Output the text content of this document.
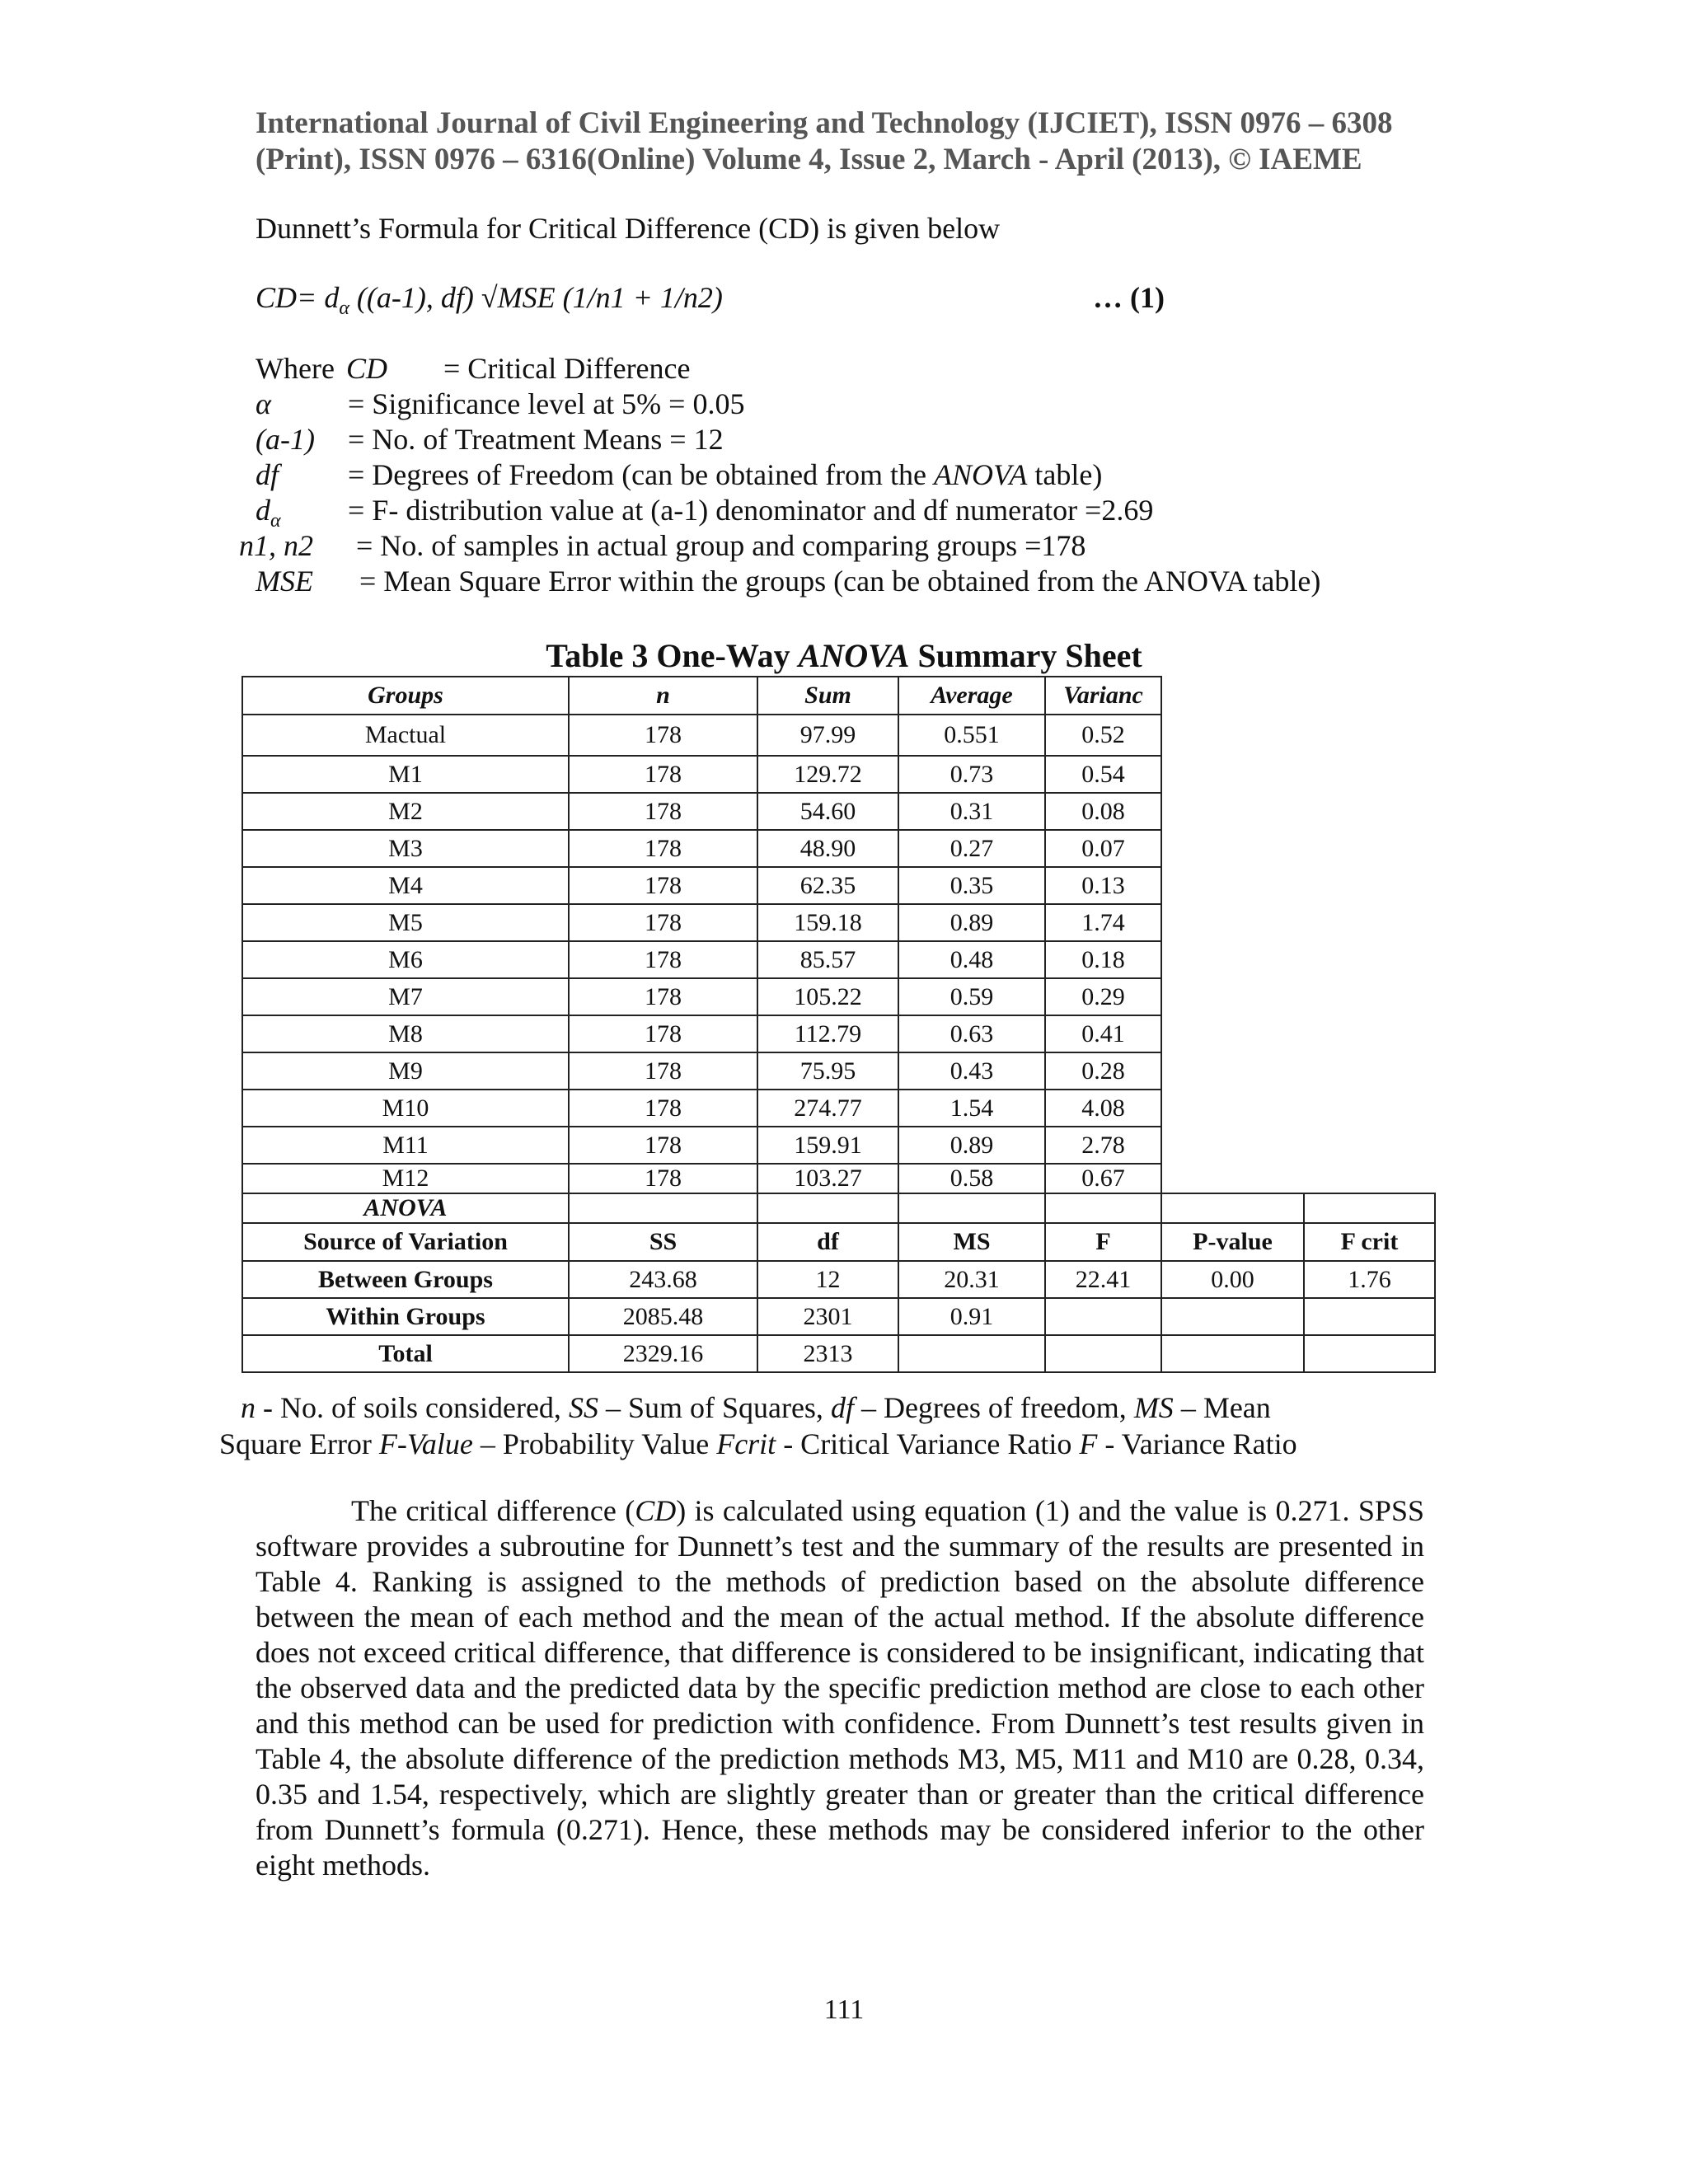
International Journal of Civil Engineering and Technology (IJCIET), ISSN 0976 – 6308
(Print), ISSN 0976 – 6316(Online) Volume 4, Issue 2, March - April (2013), © IAEME
Dunnett’s Formula for Critical Difference (CD) is given below
$CD= d_\alpha$ ((a-1), df) √MSE (1/n1 + 1/n2)	… (1)
Where CD = Critical Difference
α	= Significance level at 5% = 0.05
(a-1) = No. of Treatment Means = 12
df = Degrees of Freedom (can be obtained from the ANOVA table)
$d_\alpha = F-$ distribution value at (a-1) denominator and df numerator =2.69
n1, n2 = No. of samples in actual group and comparing groups =178
MSE = Mean Square Error within the groups (can be obtained from the ANOVA table)
Table 3 One-Way ANOVA Summary Sheet
Groups	n	Sum	Average	Varianc		
Mactual	178	97.99	0.551	0.52		
M1	178	129.72	0.73	0.54		
M2	178	54.60	0.31	0.08		
M3	178	48.90	0.27	0.07		
M4	178	62.35	0.35	0.13		
M5	178	159.18	0.89	1.74		
M6	178	85.57	0.48	0.18		
M7	178	105.22	0.59	0.29		
M8	178	112.79	0.63	0.41		
M9	178	75.95	0.43	0.28		
M10	178	274.77	1.54	4.08		
M11	178	159.91	0.89	2.78		
M12	178	103.27	0.58	0.67		
ANOVA						
Source of Variation	SS	df	MS	F	P-value	F crit
Between Groups	243.68	12	20.31	22.41	0.00	1.76
Within Groups	2085.48	2301	0.91			
Total	2329.16	2313				
n - No. of soils considered, SS – Sum of Squares, df – Degrees of freedom, MS – Mean
Square Error F-Value – Probability Value Fcrit - Critical Variance Ratio F - Variance Ratio
The critical difference (CD) is calculated using equation (1) and the value is 0.271. SPSS software provides a subroutine for Dunnett’s test and the summary of the results are presented in Table 4. Ranking is assigned to the methods of prediction based on the absolute difference between the mean of each method and the mean of the actual method. If the absolute difference does not exceed critical difference, that difference is considered to be insignificant, indicating that the observed data and the predicted data by the specific prediction method are close to each other and this method can be used for prediction with confidence. From Dunnett’s test results given in Table 4, the absolute difference of the prediction methods M3, M5, M11 and M10 are 0.28, 0.34, 0.35 and 1.54, respectively, which are slightly greater than or greater than the critical difference from Dunnett’s formula (0.271). Hence, these methods may be considered inferior to the other eight methods.
111
